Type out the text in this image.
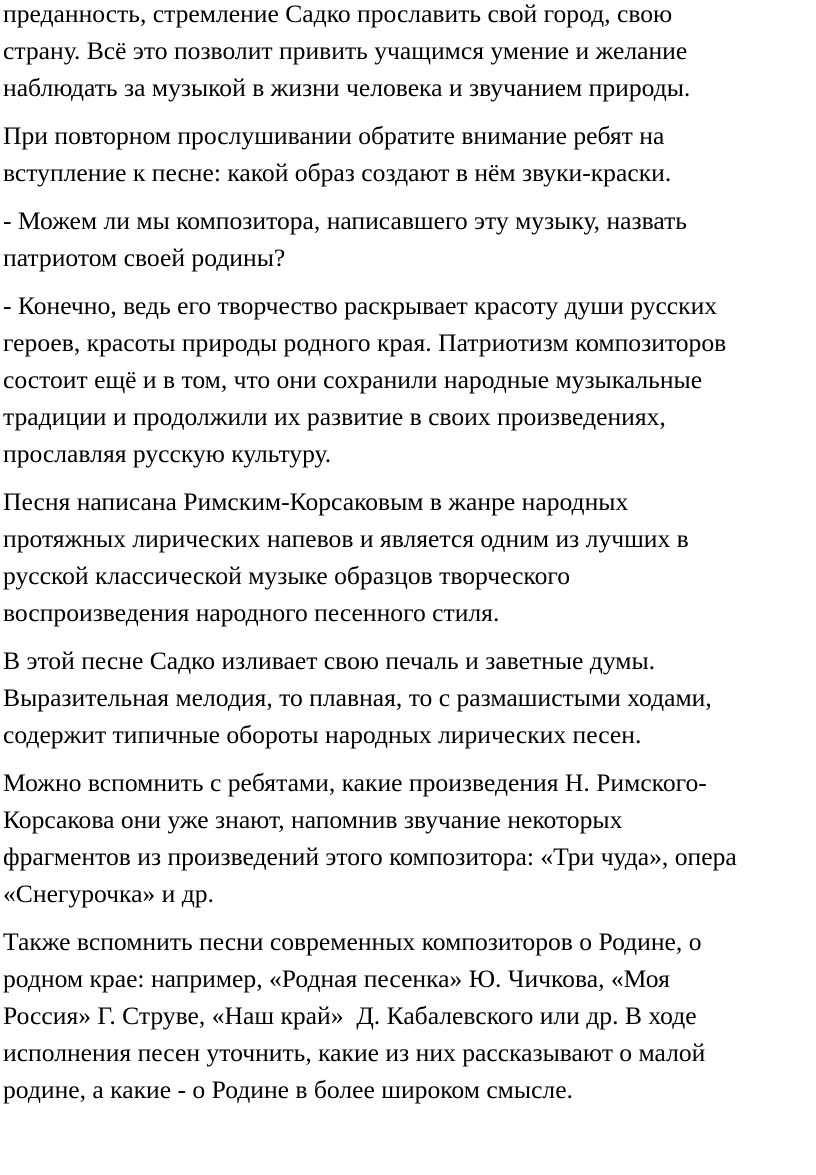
преданность, стремление Садко прославить свой город, свою
страну. Всё это позволит привить учащимся умение и желание
наблюдать за музыкой в жизни человека и звучанием природы.

При повторном прослушивании обратите внимание ребят на
вступление к песне: какой образ создают в нём звуки-краски.

- Можем ли мы композитора, написавшего эту музыку, назвать
патриотом своей родины?

- Конечно, ведь его творчество раскрывает красоту души русских
героев, красоты природы родного края. Патриотизм композиторов
состоит ещё и в том, что они сохранили народные музыкальные
традиции и продолжили их развитие в своих произведениях,
прославляя русскую культуру.

Песня написана Римским-Корсаковым в жанре народных
протяжных лирических напевов и является одним из лучших в
русской классической музыке образцов творческого
воспроизведения народного песенного стиля.

В этой песне Садко изливает свою печаль и заветные думы.
Выразительная мелодия, то плавная, то с размашистыми ходами,
содержит типичные обороты народных лирических песен.

Можно вспомнить с ребятами, какие произведения Н. Римского-
Корсакова они уже знают, напомнив звучание некоторых
фрагментов из произведений этого композитора: «Три чуда», опера
«Снегурочка» и др.

Также вспомнить песни современных композиторов о Родине, о
родном крае: например, «Родная песенка» Ю. Чичкова, «Моя
Россия» Г. Струве, «Наш край»  Д. Кабалевского или др. В ходе
исполнения песен уточнить, какие из них рассказывают о малой
родине, а какие - о Родине в более широком смысле.
